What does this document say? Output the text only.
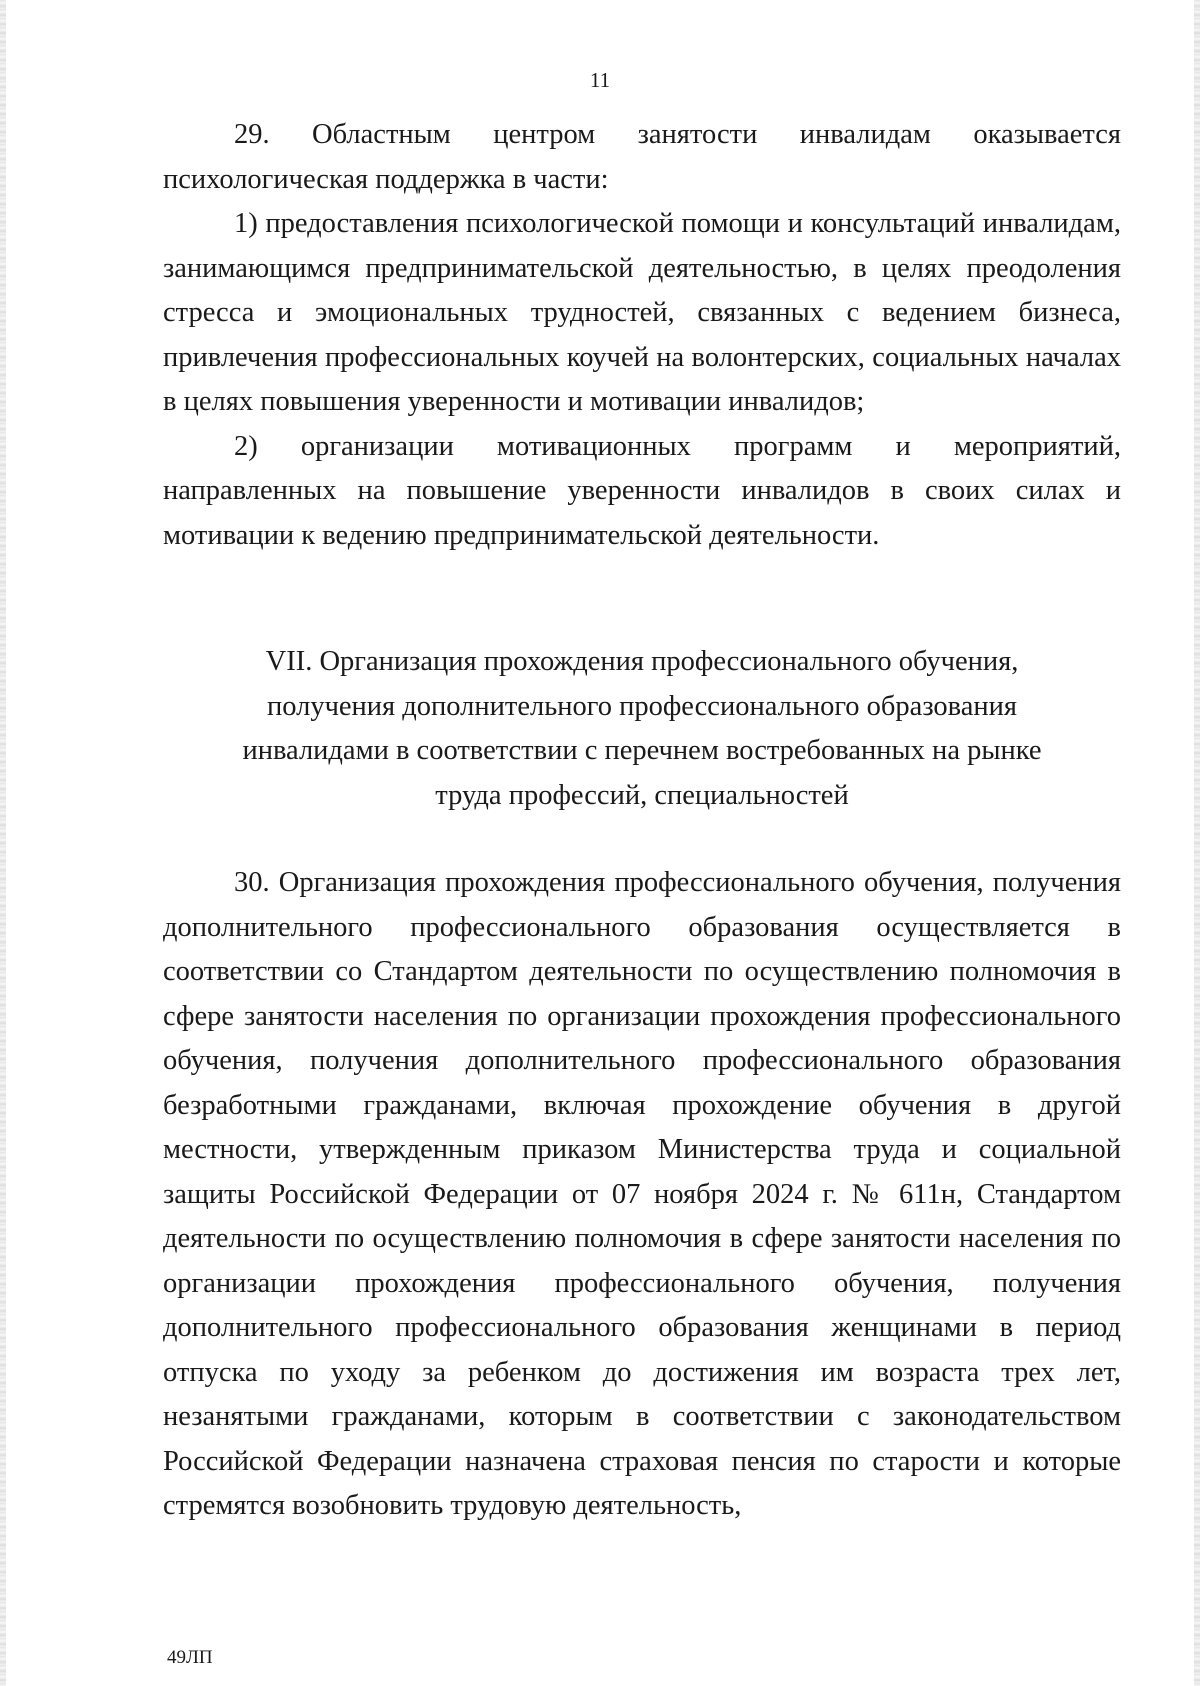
11

29. Областным центром занятости инвалидам оказывается психологическая поддержка в части:

1) предоставления психологической помощи и консультаций инвалидам, занимающимся предпринимательской деятельностью, в целях преодоления стресса и эмоциональных трудностей, связанных с ведением бизнеса, привлечения профессиональных коучей на волонтерских, социальных началах в целях повышения уверенности и мотивации инвалидов;

2) организации мотивационных программ и мероприятий, направленных на повышение уверенности инвалидов в своих силах и мотивации к ведению предпринимательской деятельности.

VII. Организация прохождения профессионального обучения,
получения дополнительного профессионального образования
инвалидами в соответствии с перечнем востребованных на рынке
труда профессий, специальностей

30. Организация прохождения профессионального обучения, получения дополнительного профессионального образования осуществляется в соответствии со Стандартом деятельности по осуществлению полномочия в сфере занятости населения по организации прохождения профессионального обучения, получения дополнительного профессионального образования безработными гражданами, включая прохождение обучения в другой местности, утвержденным приказом Министерства труда и социальной защиты Российской Федерации от 07 ноября 2024 г. № 611н, Стандартом деятельности по осуществлению полномочия в сфере занятости населения по организации прохождения профессионального обучения, получения дополнительного профессионального образования женщинами в период отпуска по уходу за ребенком до достижения им возраста трех лет, незанятыми гражданами, которым в соответствии с законодательством Российской Федерации назначена страховая пенсия по старости и которые стремятся возобновить трудовую деятельность,

49ЛП
